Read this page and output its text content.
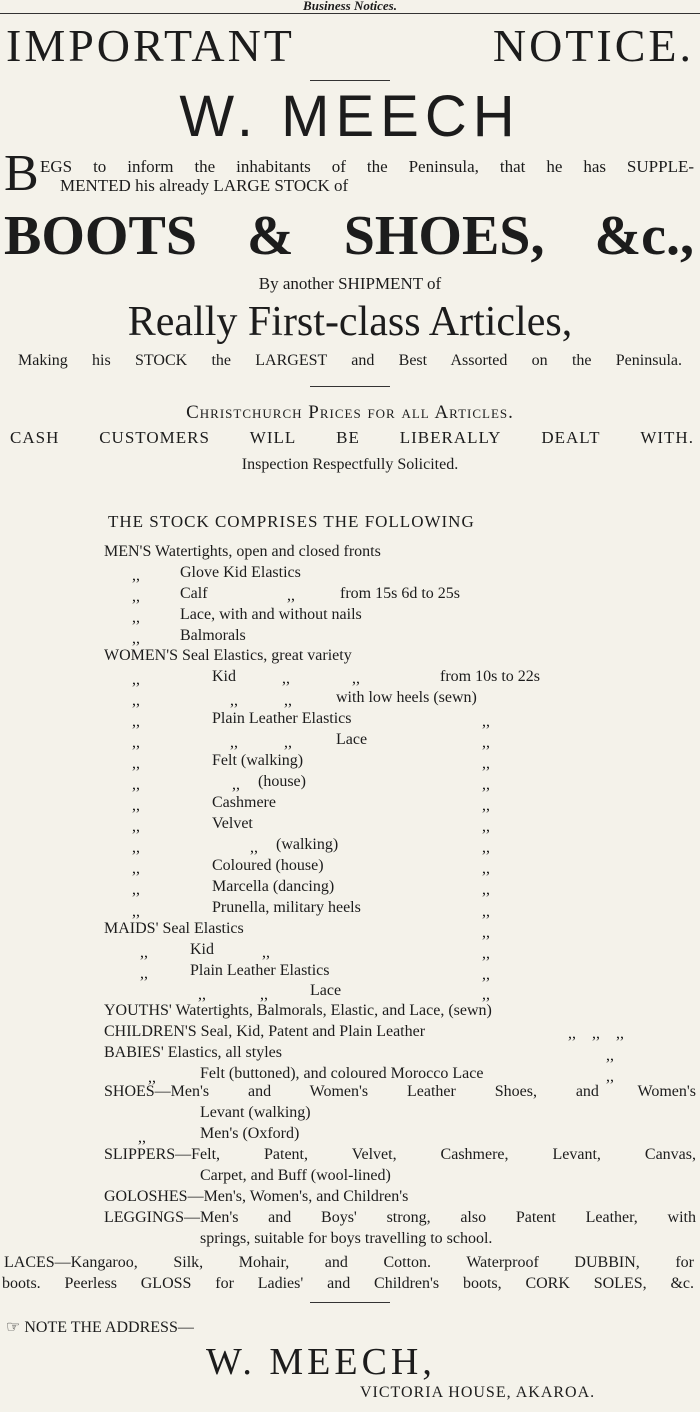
Business Notices.
IMPORTANT	NOTICE.
W. MEECH
B EGS to inform the inhabitants of the Peninsula, that he has SUPPLE-
MENTED his already LARGE STOCK of
BOOTS & SHOES, &c.,
By another SHIPMENT of
Really First-class Articles,
Making his STOCK the LARGEST and Best Assorted on the Peninsula.
Christchurch Prices for all Articles.
CASH CUSTOMERS WILL BE LIBERALLY DEALT WITH.
Inspection Respectfully Solicited.
THE STOCK COMPRISES THE FOLLOWING
MEN'S Watertights, open and closed fronts
,,	Glove Kid Elastics
,,	Calf	,,	from 15s 6d to 25s
,,	Lace, with and without nails
,,	Balmorals
WOMEN'S Seal Elastics, great variety
,,	Kid	,,	,,	from 10s to 22s
,,	,,	,,	with low heels (sewn)
,,	Plain Leather Elastics	,,
,,	,,	,,	Lace	,,
,,	Felt (walking)	,,
,,	,, (house)	,,
,,	Cashmere	,,
,,	Velvet	,,
,,	,, (walking)	,,
,,	Coloured (house)	,,
,,	Marcella (dancing)	,,
,,	Prunella, military heels	,,
MAIDS' Seal Elastics	,,
,,	Kid	,,	,,
,,	Plain Leather Elastics	,,
,,	,,	Lace	,,
YOUTHS' Watertights, Balmorals, Elastic, and Lace, (sewn)
CHILDREN'S Seal, Kid, Patent and Plain Leather	,, ,, ,,
BABIES' Elastics, all styles	,,
,,	Felt (buttoned), and coloured Morocco Lace	,,
SHOES—Men's and Women's Leather Shoes, and Women's
Levant (walking)
,,	Men's (Oxford)
SLIPPERS—Felt, Patent, Velvet, Cashmere, Levant, Canvas,
Carpet, and Buff (wool-lined)
GOLOSHES—Men's, Women's, and Children's
LEGGINGS—Men's and Boys' strong, also Patent Leather, with
springs, suitable for boys travelling to school.
LACES—Kangaroo, Silk, Mohair, and Cotton. Waterproof DUBBIN, for
boots. Peerless GLOSS for Ladies' and Children's boots, CORK SOLES, &c.
☞ NOTE THE ADDRESS—
W. MEECH,
VICTORIA HOUSE, AKAROA.
